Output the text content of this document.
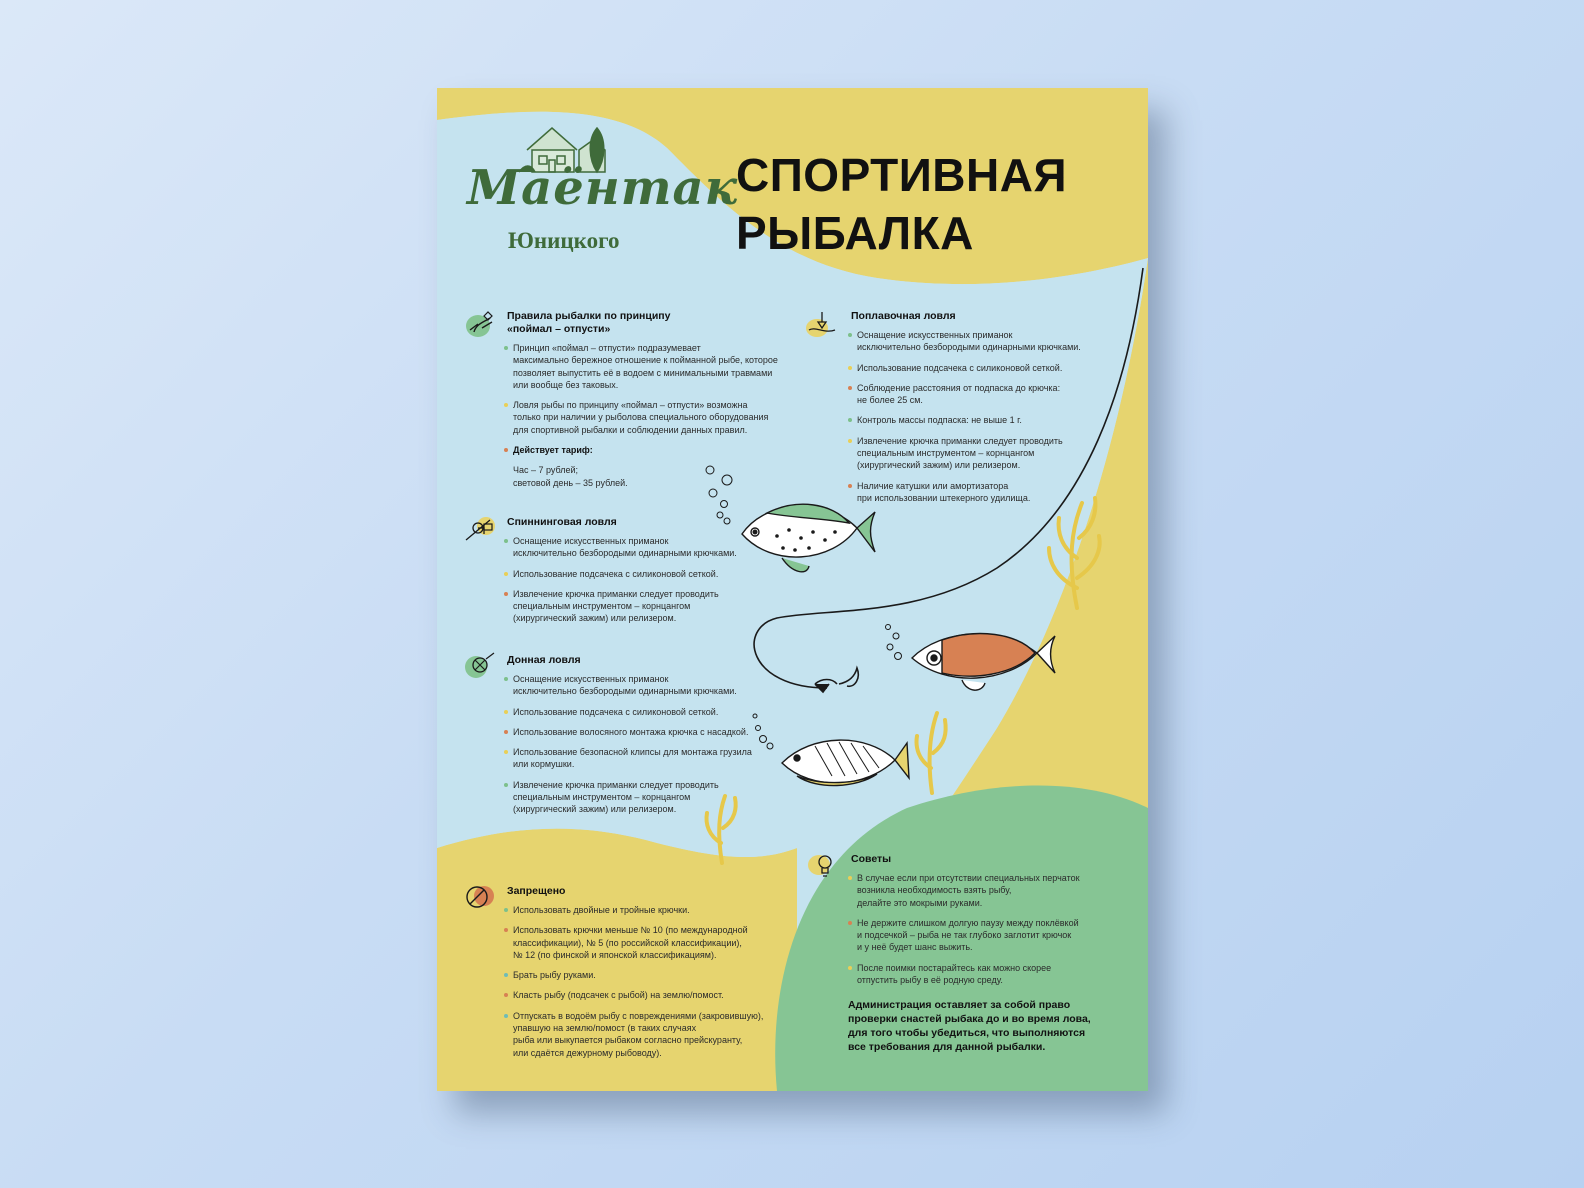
Маёнтак
Юницкого
СПОРТИВНАЯ
РЫБАЛКА
Правила рыбалки по принципу
«поймал – отпусти»
Принцип «поймал – отпусти» подразумевает
максимально бережное отношение к пойманной рыбе, которое
позволяет выпустить её в водоем с минимальными травмами
или вообще без таковых.
Ловля рыбы по принципу «поймал – отпусти» возможна
только при наличии у рыболова специального оборудования
для спортивной рыбалки и соблюдении данных правил.
Действует тариф:
Час – 7 рублей;
световой день – 35 рублей.
Спиннинговая ловля
Оснащение искусственных приманок
исключительно безбородыми одинарными крючками.
Использование подсачека с силиконовой сеткой.
Извлечение крючка приманки следует проводить
специальным инструментом – корнцангом
(хирургический зажим) или релизером.
Донная ловля
Оснащение искусственных приманок
исключительно безбородыми одинарными крючками.
Использование подсачека с силиконовой сеткой.
Использование волосяного монтажа крючка с насадкой.
Использование безопасной клипсы для монтажа грузила
или кормушки.
Извлечение крючка приманки следует проводить
специальным инструментом – корнцангом
(хирургический зажим) или релизером.
Поплавочная ловля
Оснащение искусственных приманок
исключительно безбородыми одинарными крючками.
Использование подсачека с силиконовой сеткой.
Соблюдение расстояния от подпаска до крючка:
не более 25 см.
Контроль массы подпаска: не выше 1 г.
Извлечение крючка приманки следует проводить
специальным инструментом – корнцангом
(хирургический зажим) или релизером.
Наличие катушки или амортизатора
при использовании штекерного удилища.
Запрещено
Использовать двойные и тройные крючки.
Использовать крючки меньше № 10 (по международной
классификации), № 5 (по российской классификации),
№ 12 (по финской и японской классификациям).
Брать рыбу руками.
Класть рыбу (подсачек с рыбой) на землю/помост.
Отпускать в водоём рыбу с повреждениями (закровившую),
упавшую на землю/помост (в таких случаях
рыба или выкупается рыбаком согласно прейскуранту,
или сдаётся дежурному рыбоводу).
Советы
В случае если при отсутствии специальных перчаток
возникла необходимость взять рыбу,
делайте это мокрыми руками.
Не держите слишком долгую паузу между поклёвкой
и подсечкой – рыба не так глубоко заглотит крючок
и у неё будет шанс выжить.
После поимки постарайтесь как можно скорее
отпустить рыбу в её родную среду.
Администрация оставляет за собой право
проверки снастей рыбака до и во время лова,
для того чтобы убедиться, что выполняются
все требования для данной рыбалки.
